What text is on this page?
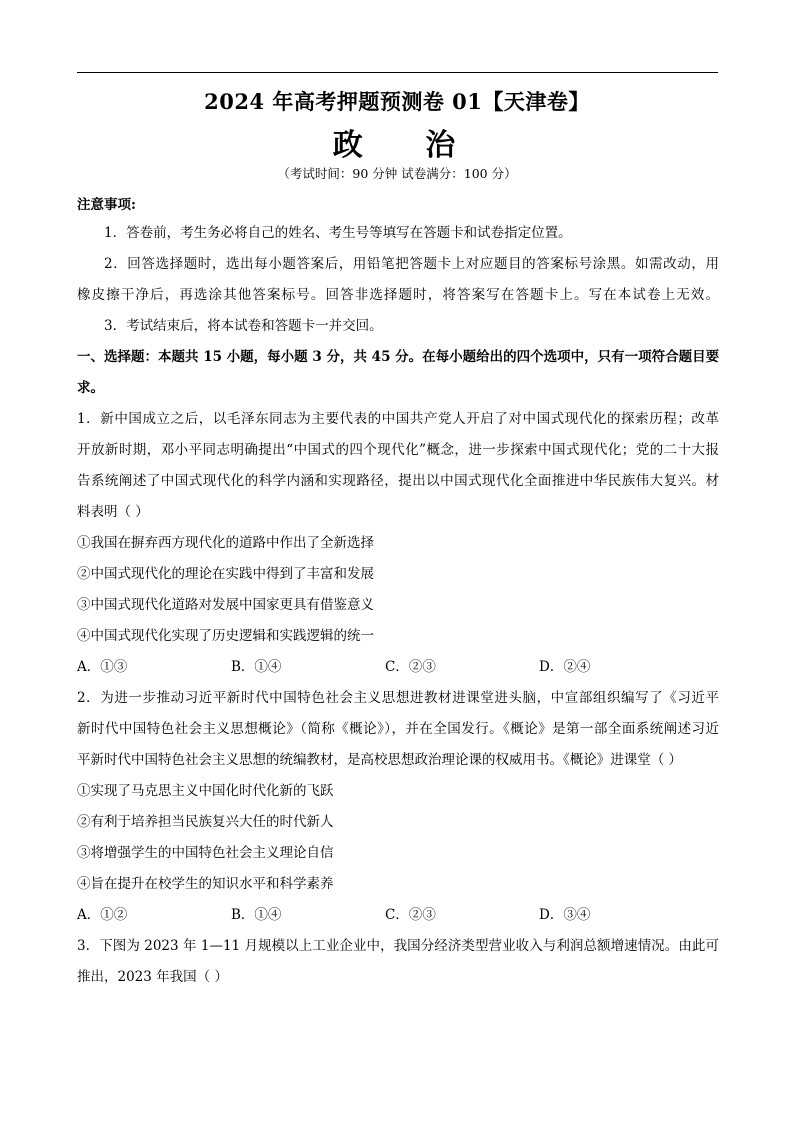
2024 年高考押题预测卷 01【天津卷】
政 治
（考试时间：90 分钟 试卷满分：100 分）
注意事项:
1．答卷前，考生务必将自己的姓名、考生号等填写在答题卡和试卷指定位置。
2．回答选择题时，选出每小题答案后，用铅笔把答题卡上对应题目的答案标号涂黑。如需改动，用
橡皮擦干净后，再选涂其他答案标号。回答非选择题时，将答案写在答题卡上。写在本试卷上无效。
3．考试结束后，将本试卷和答题卡一并交回。
一、选择题：本题共 15 小题，每小题 3 分，共 45 分。在每小题给出的四个选项中，只有一项符合题目要
求。
1．新中国成立之后，以毛泽东同志为主要代表的中国共产党人开启了对中国式现代化的探索历程；改革
开放新时期，邓小平同志明确提出“中国式的四个现代化”概念，进一步探索中国式现代化；党的二十大报
告系统阐述了中国式现代化的科学内涵和实现路径，提出以中国式现代化全面推进中华民族伟大复兴。材
料表明（ ）
①我国在摒弃西方现代化的道路中作出了全新选择
②中国式现代化的理论在实践中得到了丰富和发展
③中国式现代化道路对发展中国家更具有借鉴意义
④中国式现代化实现了历史逻辑和实践逻辑的统一
A．①③	B．①④	C．②③	D．②④
2．为进一步推动习近平新时代中国特色社会主义思想进教材进课堂进头脑，中宣部组织编写了《习近平
新时代中国特色社会主义思想概论》（简称《概论》），并在全国发行。《概论》是第一部全面系统阐述习近
平新时代中国特色社会主义思想的统编教材，是高校思想政治理论课的权威用书。《概论》进课堂（ ）
①实现了马克思主义中国化时代化新的飞跃
②有利于培养担当民族复兴大任的时代新人
③将增强学生的中国特色社会主义理论自信
④旨在提升在校学生的知识水平和科学素养
A．①②	B．①④	C．②③	D．③④
3．下图为 2023 年 1—11 月规模以上工业企业中，我国分经济类型营业收入与利润总额增速情况。由此可
推出，2023 年我国（ ）
